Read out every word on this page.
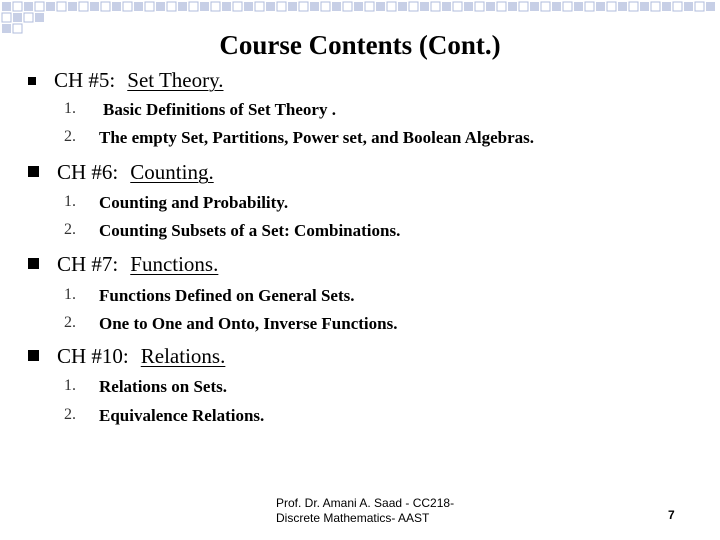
Course Contents (Cont.)
CH #5: Set Theory.
1.	Basic Definitions of Set Theory .
2.	The empty Set, Partitions, Power set, and Boolean Algebras.
CH #6: Counting.
1.	Counting and Probability.
2.	Counting Subsets of a Set: Combinations.
CH #7: Functions.
1.	Functions Defined on General Sets.
2.	One to One and Onto, Inverse Functions.
CH #10: Relations.
1.	Relations on Sets.
2.	Equivalence Relations.
Prof. Dr. Amani A. Saad - CC218-
Discrete Mathematics- AAST	7
